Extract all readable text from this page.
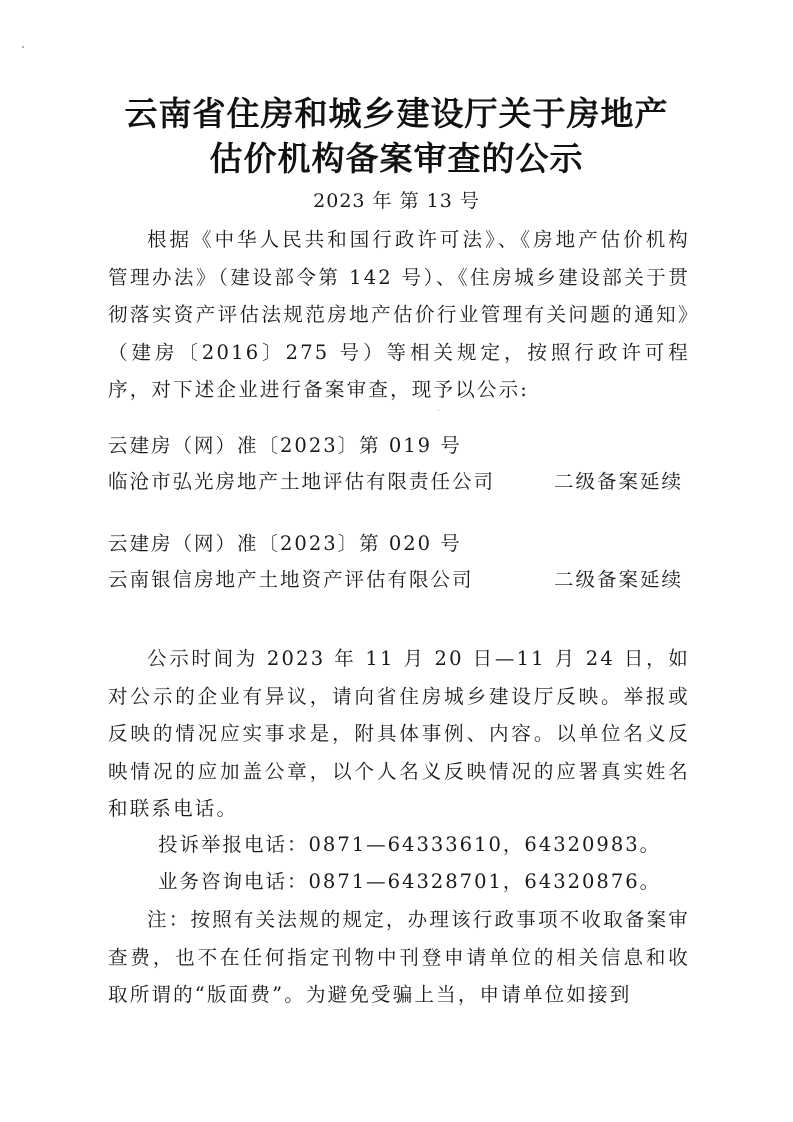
云南省住房和城乡建设厅关于房地产
估价机构备案审查的公示
2023 年 第 13 号
根据《中华人民共和国行政许可法》、《房地产估价机构管理办法》（建设部令第 142 号）、《住房城乡建设部关于贯彻落实资产评估法规范房地产估价行业管理有关问题的通知》（建房〔2016〕275 号）等相关规定，按照行政许可程序，对下述企业进行备案审查，现予以公示:
云建房（网）准〔2023〕第 019 号
临沧市弘光房地产土地评估有限责任公司	二级备案延续
云建房（网）准〔2023〕第 020 号
云南银信房地产土地资产评估有限公司	二级备案延续
公示时间为 2023 年 11 月 20 日—11 月 24 日，如对公示的企业有异议，请向省住房城乡建设厅反映。举报或反映的情况应实事求是，附具体事例、内容。以单位名义反映情况的应加盖公章，以个人名义反映情况的应署真实姓名和联系电话。
投诉举报电话：0871—64333610，64320983。
业务咨询电话：0871—64328701，64320876。
注：按照有关法规的规定，办理该行政事项不收取备案审查费，也不在任何指定刊物中刊登申请单位的相关信息和收取所谓的“版面费”。为避免受骗上当，申请单位如接到
